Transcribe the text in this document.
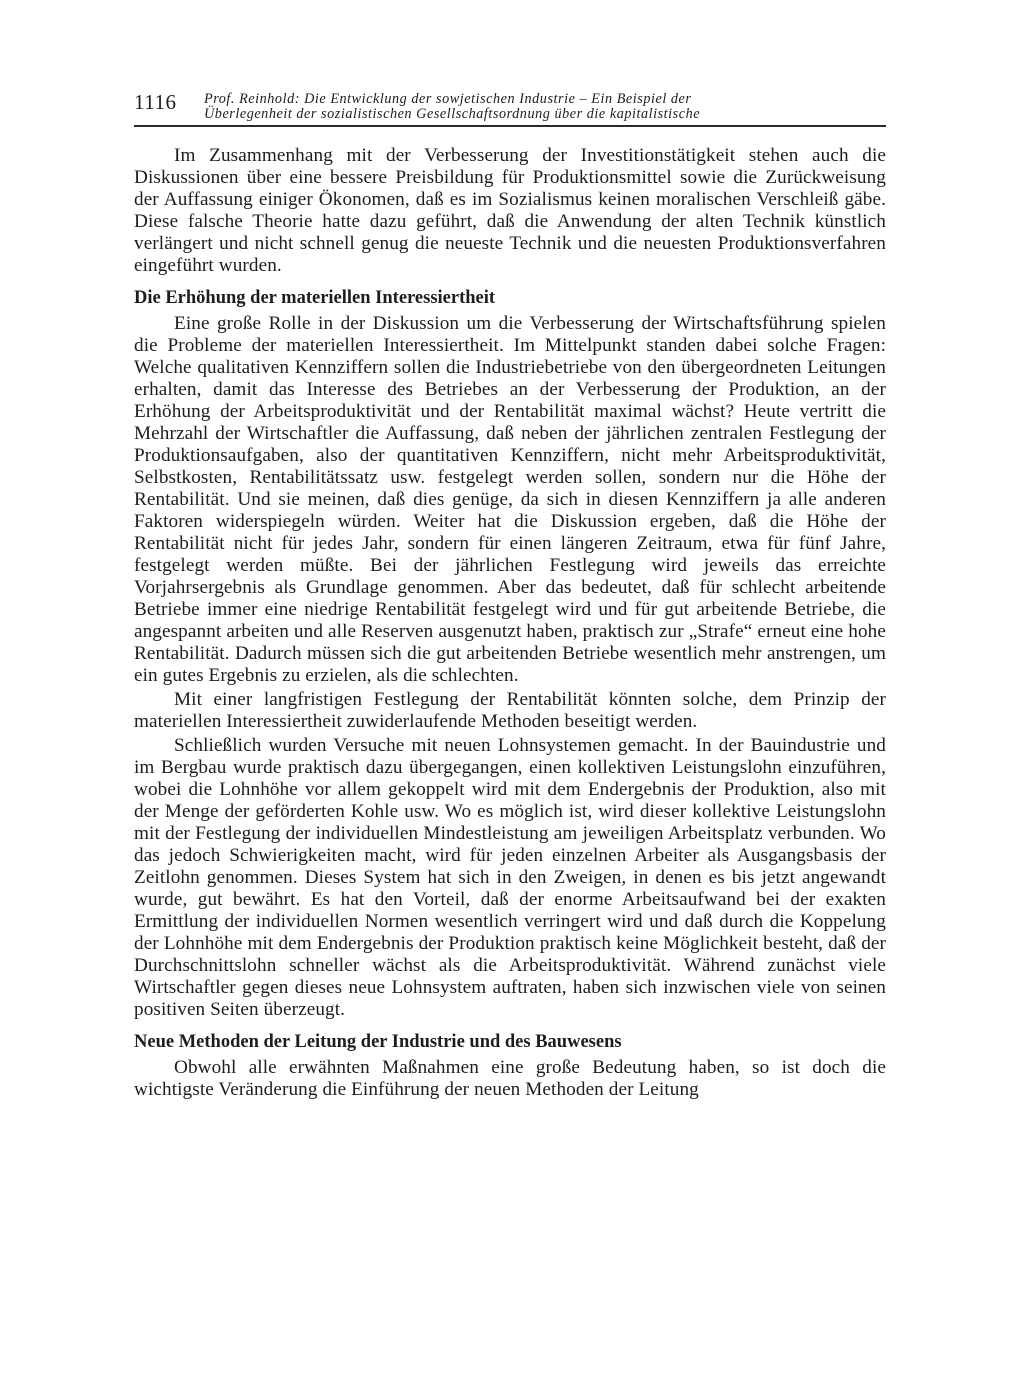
1116	Prof. Reinhold: Die Entwicklung der sowjetischen Industrie – Ein Beispiel der
Überlegenheit der sozialistischen Gesellschaftsordnung über die kapitalistische

Im Zusammenhang mit der Verbesserung der Investitionstätigkeit stehen auch die Diskussionen über eine bessere Preisbildung für Produktionsmittel sowie die Zurückweisung der Auffassung einiger Ökonomen, daß es im Sozialismus keinen moralischen Verschleiß gäbe. Diese falsche Theorie hatte dazu geführt, daß die Anwendung der alten Technik künstlich verlängert und nicht schnell genug die neueste Technik und die neuesten Produktionsverfahren eingeführt wurden.

Die Erhöhung der materiellen Interessiertheit

Eine große Rolle in der Diskussion um die Verbesserung der Wirtschaftsführung spielen die Probleme der materiellen Interessiertheit. Im Mittelpunkt standen dabei solche Fragen: Welche qualitativen Kennziffern sollen die Industriebetriebe von den übergeordneten Leitungen erhalten, damit das Interesse des Betriebes an der Verbesserung der Produktion, an der Erhöhung der Arbeitsproduktivität und der Rentabilität maximal wächst? Heute vertritt die Mehrzahl der Wirtschaftler die Auffassung, daß neben der jährlichen zentralen Festlegung der Produktionsaufgaben, also der quantitativen Kennziffern, nicht mehr Arbeitsproduktivität, Selbstkosten, Rentabilitätssatz usw. festgelegt werden sollen, sondern nur die Höhe der Rentabilität. Und sie meinen, daß dies genüge, da sich in diesen Kennziffern ja alle anderen Faktoren widerspiegeln würden. Weiter hat die Diskussion ergeben, daß die Höhe der Rentabilität nicht für jedes Jahr, sondern für einen längeren Zeitraum, etwa für fünf Jahre, festgelegt werden müßte. Bei der jährlichen Festlegung wird jeweils das erreichte Vorjahrsergebnis als Grundlage genommen. Aber das bedeutet, daß für schlecht arbeitende Betriebe immer eine niedrige Rentabilität festgelegt wird und für gut arbeitende Betriebe, die angespannt arbeiten und alle Reserven ausgenutzt haben, praktisch zur „Strafe“ erneut eine hohe Rentabilität. Dadurch müssen sich die gut arbeitenden Betriebe wesentlich mehr anstrengen, um ein gutes Ergebnis zu erzielen, als die schlechten.

Mit einer langfristigen Festlegung der Rentabilität könnten solche, dem Prinzip der materiellen Interessiertheit zuwiderlaufende Methoden beseitigt werden.

Schließlich wurden Versuche mit neuen Lohnsystemen gemacht. In der Bauindustrie und im Bergbau wurde praktisch dazu übergegangen, einen kollektiven Leistungslohn einzuführen, wobei die Lohnhöhe vor allem gekoppelt wird mit dem Endergebnis der Produktion, also mit der Menge der geförderten Kohle usw. Wo es möglich ist, wird dieser kollektive Leistungslohn mit der Festlegung der individuellen Mindestleistung am jeweiligen Arbeitsplatz verbunden. Wo das jedoch Schwierigkeiten macht, wird für jeden einzelnen Arbeiter als Ausgangsbasis der Zeitlohn genommen. Dieses System hat sich in den Zweigen, in denen es bis jetzt angewandt wurde, gut bewährt. Es hat den Vorteil, daß der enorme Arbeitsaufwand bei der exakten Ermittlung der individuellen Normen wesentlich verringert wird und daß durch die Koppelung der Lohnhöhe mit dem Endergebnis der Produktion praktisch keine Möglichkeit besteht, daß der Durchschnittslohn schneller wächst als die Arbeitsproduktivität. Während zunächst viele Wirtschaftler gegen dieses neue Lohnsystem auftraten, haben sich inzwischen viele von seinen positiven Seiten überzeugt.

Neue Methoden der Leitung der Industrie und des Bauwesens

Obwohl alle erwähnten Maßnahmen eine große Bedeutung haben, so ist doch die wichtigste Veränderung die Einführung der neuen Methoden der Leitung
